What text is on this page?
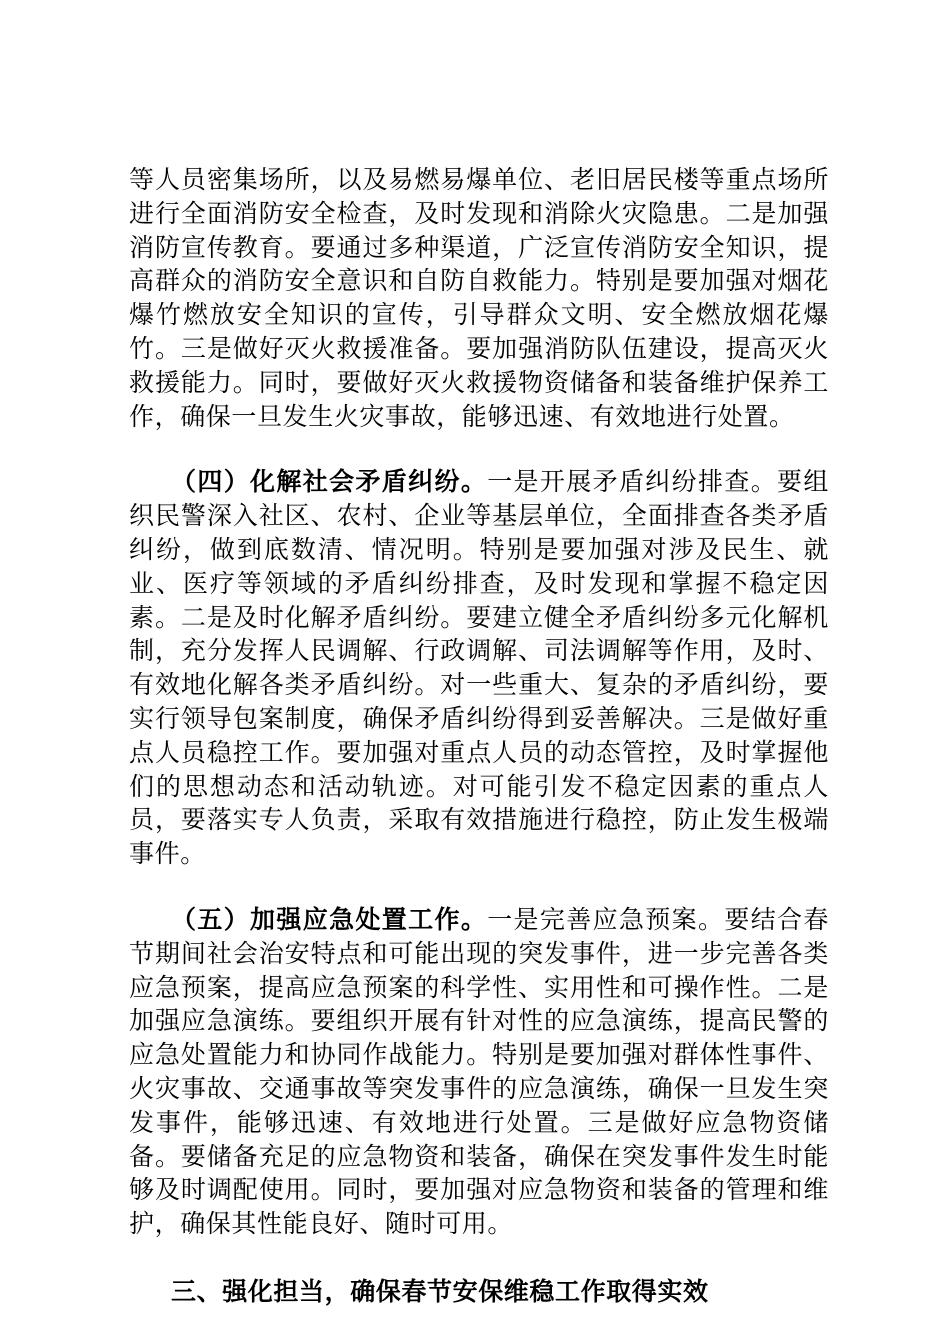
等人员密集场所，以及易燃易爆单位、老旧居民楼等重点场所进行全面消防安全检查，及时发现和消除火灾隐患。二是加强消防宣传教育。要通过多种渠道，广泛宣传消防安全知识，提高群众的消防安全意识和自防自救能力。特别是要加强对烟花爆竹燃放安全知识的宣传，引导群众文明、安全燃放烟花爆竹。三是做好灭火救援准备。要加强消防队伍建设，提高灭火救援能力。同时，要做好灭火救援物资储备和装备维护保养工作，确保一旦发生火灾事故，能够迅速、有效地进行处置。

（四）化解社会矛盾纠纷。一是开展矛盾纠纷排查。要组织民警深入社区、农村、企业等基层单位，全面排查各类矛盾纠纷，做到底数清、情况明。特别是要加强对涉及民生、就业、医疗等领域的矛盾纠纷排查，及时发现和掌握不稳定因素。二是及时化解矛盾纠纷。要建立健全矛盾纠纷多元化解机制，充分发挥人民调解、行政调解、司法调解等作用，及时、有效地化解各类矛盾纠纷。对一些重大、复杂的矛盾纠纷，要实行领导包案制度，确保矛盾纠纷得到妥善解决。三是做好重点人员稳控工作。要加强对重点人员的动态管控，及时掌握他们的思想动态和活动轨迹。对可能引发不稳定因素的重点人员，要落实专人负责，采取有效措施进行稳控，防止发生极端事件。

（五）加强应急处置工作。一是完善应急预案。要结合春节期间社会治安特点和可能出现的突发事件，进一步完善各类应急预案，提高应急预案的科学性、实用性和可操作性。二是加强应急演练。要组织开展有针对性的应急演练，提高民警的应急处置能力和协同作战能力。特别是要加强对群体性事件、火灾事故、交通事故等突发事件的应急演练，确保一旦发生突发事件，能够迅速、有效地进行处置。三是做好应急物资储备。要储备充足的应急物资和装备，确保在突发事件发生时能够及时调配使用。同时，要加强对应急物资和装备的管理和维护，确保其性能良好、随时可用。

三、强化担当，确保春节安保维稳工作取得实效
